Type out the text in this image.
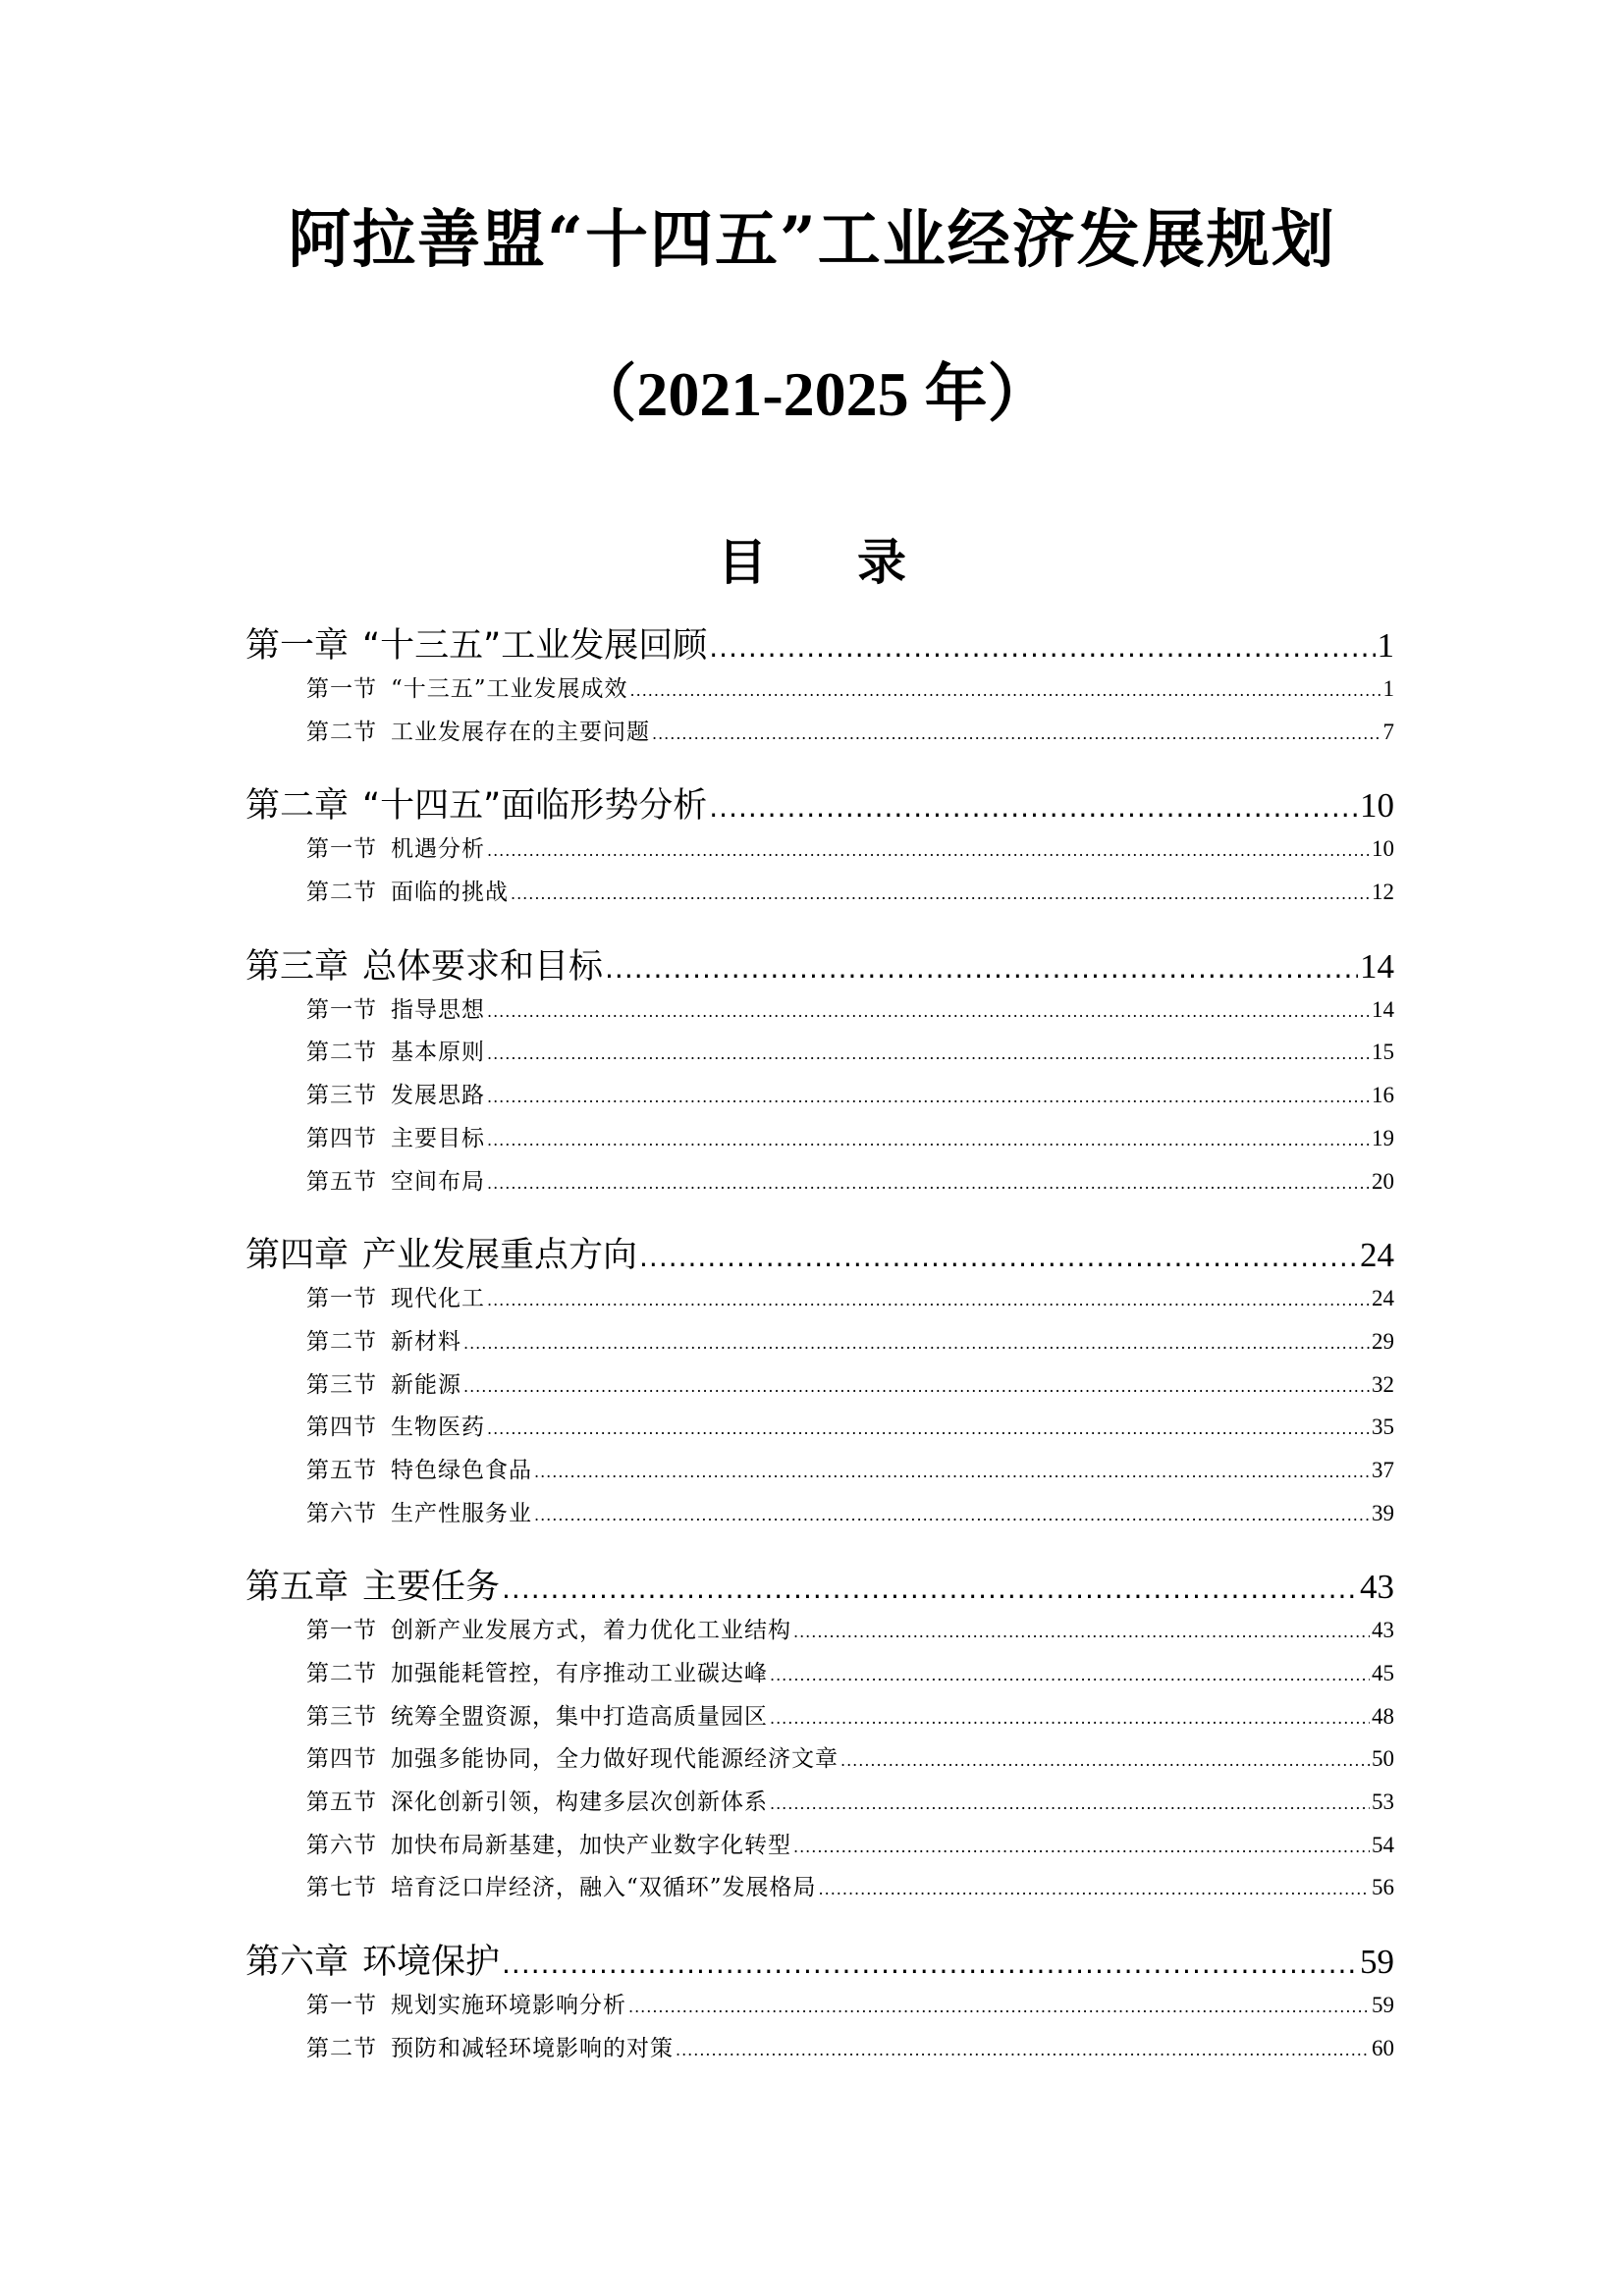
阿拉善盟“十四五”工业经济发展规划
（2021-2025 年）
目 录
第一章 “十三五”工业发展回顾 .....	1
第一节 “十三五”工业发展成效 .....	1
第二节 工业发展存在的主要问题 .....	7
第二章 “十四五”面临形势分析 .....	10
第一节 机遇分析 .....	10
第二节 面临的挑战 .....	12
第三章 总体要求和目标 .....	14
第一节 指导思想 .....	14
第二节 基本原则 .....	15
第三节 发展思路 .....	16
第四节 主要目标 .....	19
第五节 空间布局 .....	20
第四章 产业发展重点方向 .....	24
第一节 现代化工 .....	24
第二节 新材料 .....	29
第三节 新能源 .....	32
第四节 生物医药 .....	35
第五节 特色绿色食品 .....	37
第六节 生产性服务业 .....	39
第五章 主要任务 .....	43
第一节 创新产业发展方式，着力优化工业结构 .....	43
第二节 加强能耗管控，有序推动工业碳达峰 .....	45
第三节 统筹全盟资源，集中打造高质量园区 .....	48
第四节 加强多能协同，全力做好现代能源经济文章 .....	50
第五节 深化创新引领，构建多层次创新体系 .....	53
第六节 加快布局新基建，加快产业数字化转型 .....	54
第七节 培育泛口岸经济，融入“双循环”发展格局 .....	56
第六章 环境保护 .....	59
第一节 规划实施环境影响分析 .....	59
第二节 预防和减轻环境影响的对策 .....	60
